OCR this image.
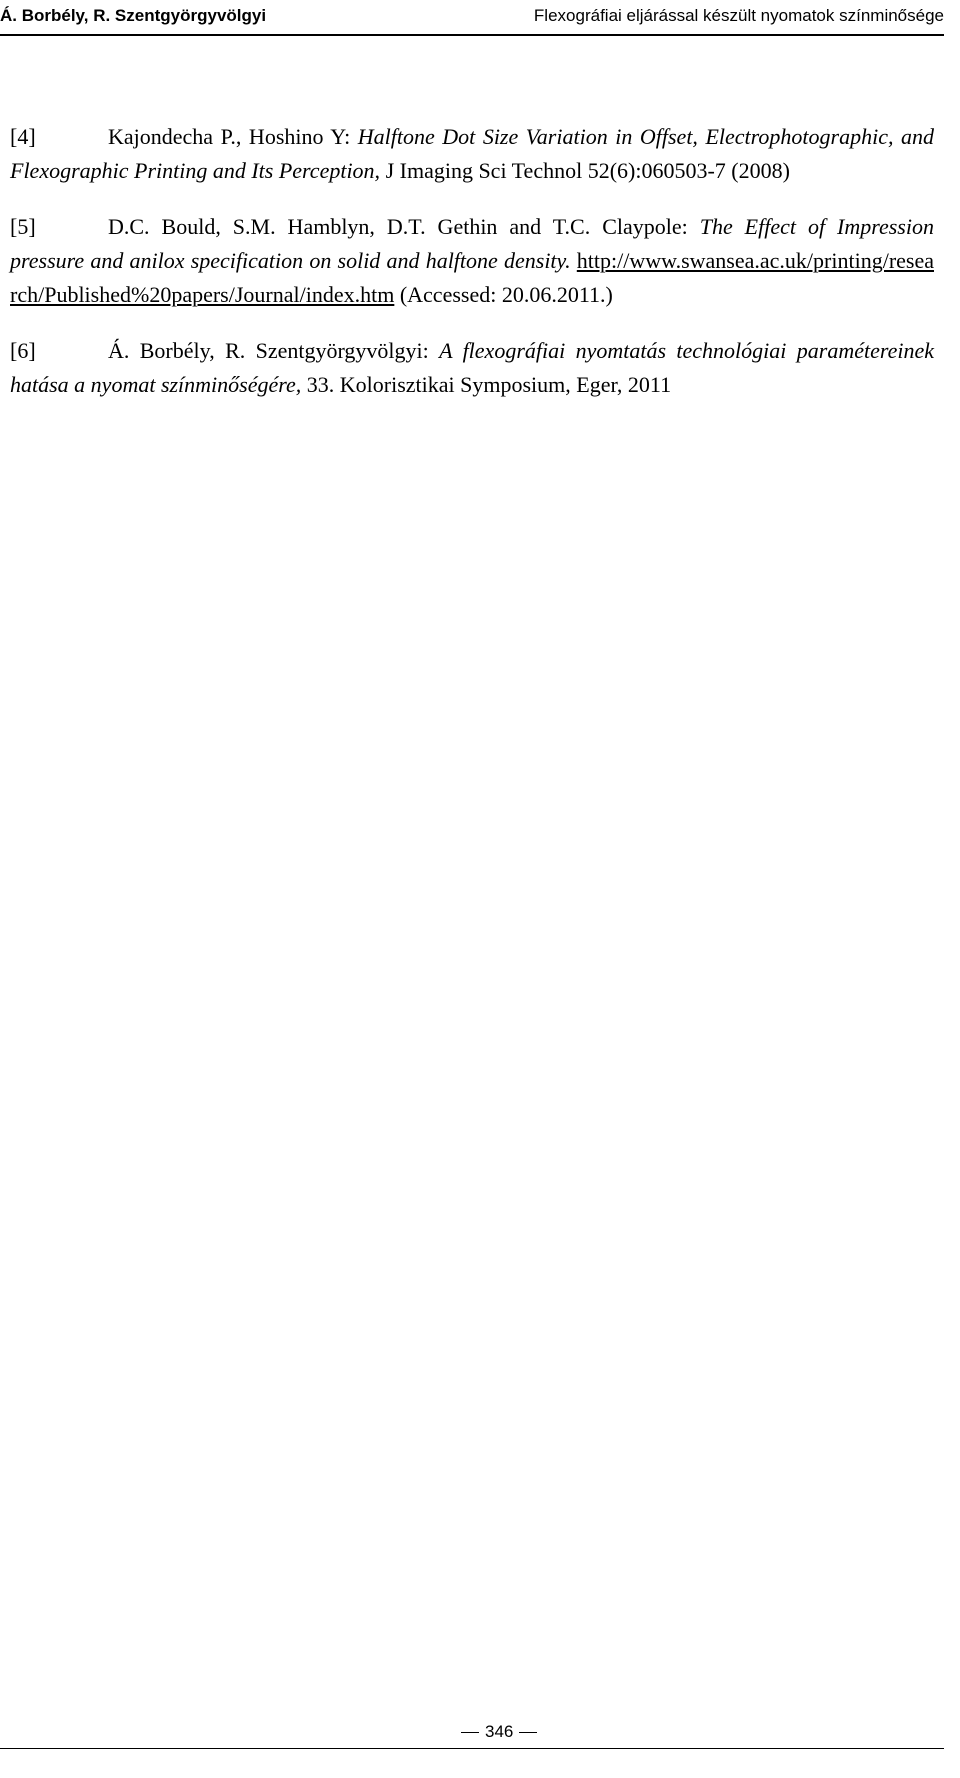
Á. Borbély, R. Szentgyörgyvölgyi	Flexográfiai eljárással készült nyomatok színminősége
[4]	Kajondecha P., Hoshino Y: Halftone Dot Size Variation in Offset, Electrophotographic, and Flexographic Printing and Its Perception, J Imaging Sci Technol 52(6):060503-7 (2008)
[5]	D.C. Bould, S.M. Hamblyn, D.T. Gethin and T.C. Claypole: The Effect of Impression pressure and anilox specification on solid and halftone density. http://www.swansea.ac.uk/printing/research/Published%20papers/Journal/index.htm (Accessed: 20.06.2011.)
[6]	Á. Borbély, R. Szentgyörgyvölgyi: A flexográfiai nyomtatás technológiai paramétereinek hatása a nyomat színminőségére, 33. Kolorisztikai Symposium, Eger, 2011
346
